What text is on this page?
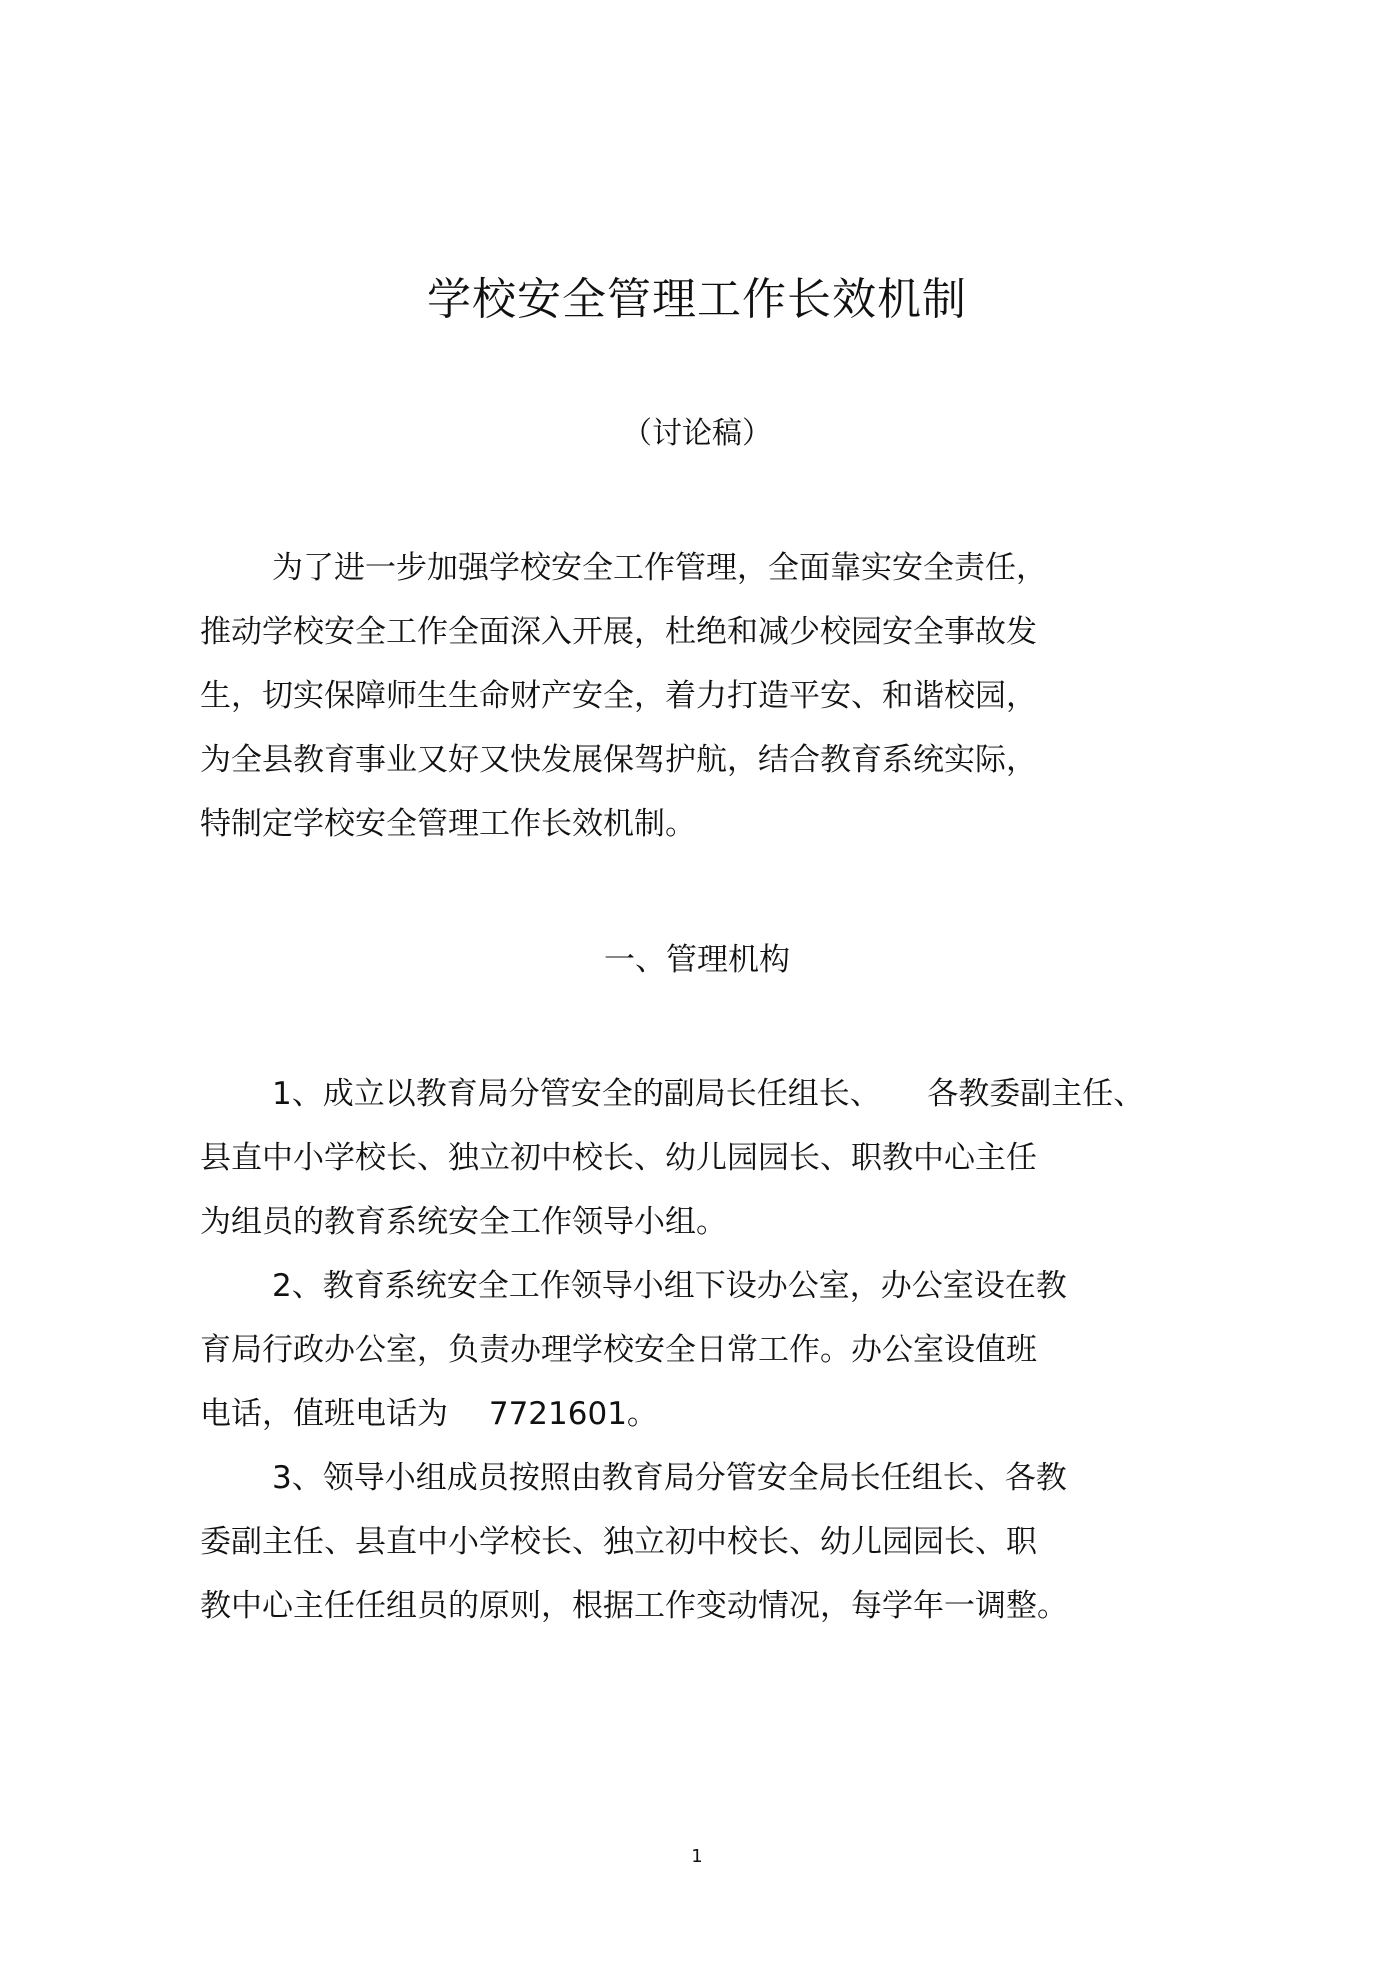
学校安全管理工作长效机制
（讨论稿）
为了进一步加强学校安全工作管理，全面靠实安全责任，
推动学校安全工作全面深入开展，杜绝和减少校园安全事故发
生，切实保障师生生命财产安全，着力打造平安、和谐校园，
为全县教育事业又好又快发展保驾护航，结合教育系统实际，
特制定学校安全管理工作长效机制。
一、管理机构
1、成立以教育局分管安全的副局长任组长、　　各教委副主任、
县直中小学校长、独立初中校长、幼儿园园长、职教中心主任
为组员的教育系统安全工作领导小组。
2、教育系统安全工作领导小组下设办公室，办公室设在教
育局行政办公室，负责办理学校安全日常工作。办公室设值班
电话，值班电话为　 7721601。
3、领导小组成员按照由教育局分管安全局长任组长、各教
委副主任、县直中小学校长、独立初中校长、幼儿园园长、职
教中心主任任组员的原则，根据工作变动情况，每学年一调整。
1
